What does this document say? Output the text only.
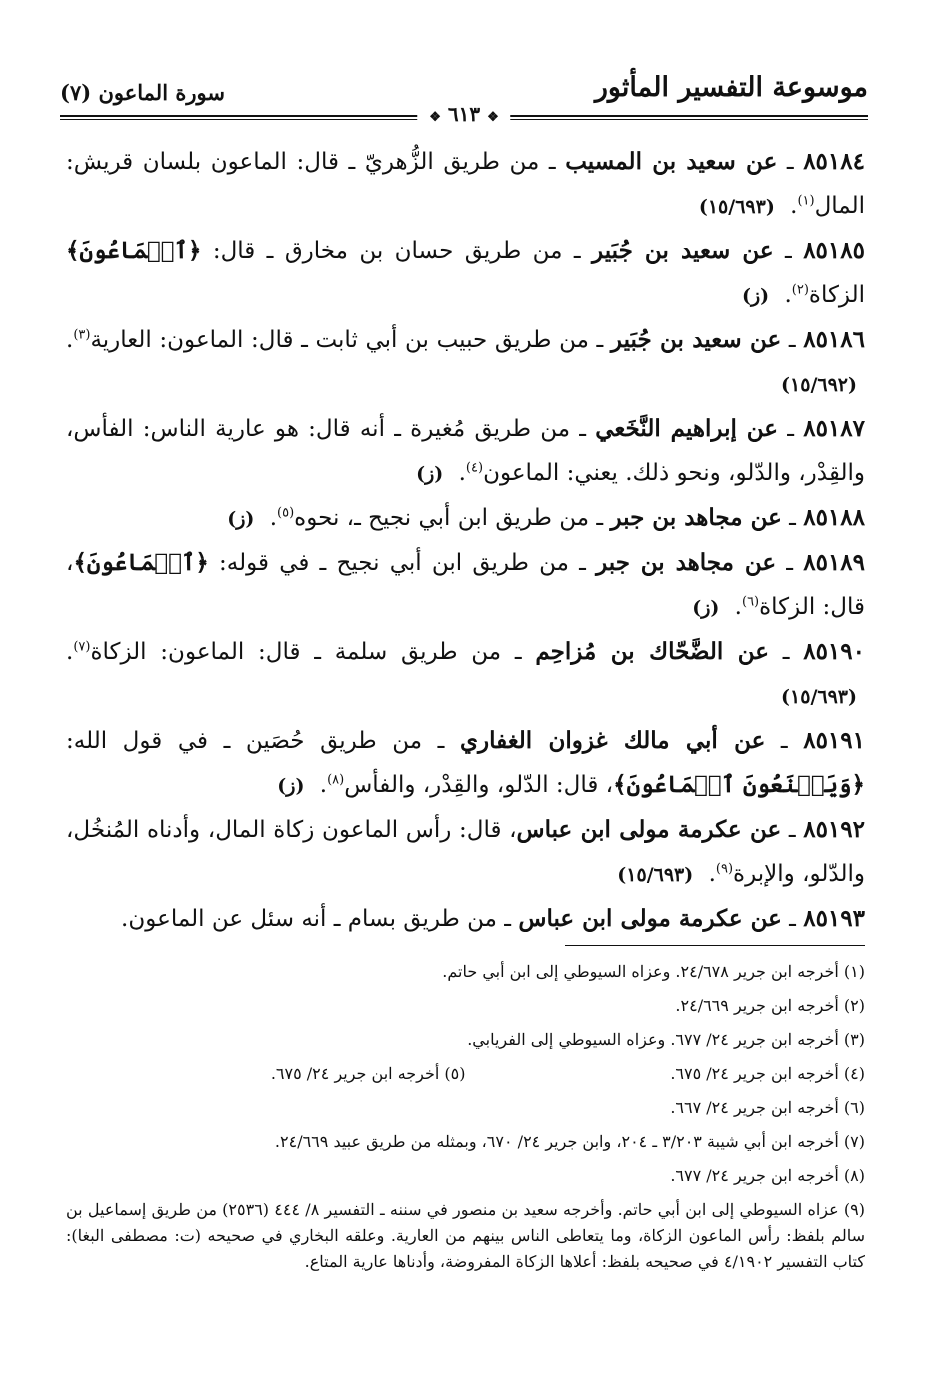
موسوعة التفسير المأثور
سورة الماعون (٧)
❖ ٦١٣ ❖
٨٥١٨٤ ـ عن سعيد بن المسيب ـ من طريق الزُّهريّ ـ قال: الماعون بلسان قريش: المال$^{(١)}$. (١٥/٦٩٣)
٨٥١٨٥ ـ عن سعيد بن جُبَير ـ من طريق حسان بن مخارق ـ قال: ﴿ٱلۡمَاعُونَ﴾ الزكاة$^{(٢)}$. (ز)
٨٥١٨٦ ـ عن سعيد بن جُبَير ـ من طريق حبيب بن أبي ثابت ـ قال: الماعون: العارية$^{(٣)}$. (١٥/٦٩٢)
٨٥١٨٧ ـ عن إبراهيم النَّخَعي ـ من طريق مُغيرة ـ أنه قال: هو عارية الناس: الفأس، والقِدْر، والدّلو، ونحو ذلك. يعني: الماعون$^{(٤)}$. (ز)
٨٥١٨٨ ـ عن مجاهد بن جبر ـ من طريق ابن أبي نجيح ـ، نحوه$^{(٥)}$. (ز)
٨٥١٨٩ ـ عن مجاهد بن جبر ـ من طريق ابن أبي نجيح ـ في قوله: ﴿ٱلۡمَاعُونَ﴾، قال: الزكاة$^{(٦)}$. (ز)
٨٥١٩٠ ـ عن الضَّحّاك بن مُزاحِم ـ من طريق سلمة ـ قال: الماعون: الزكاة$^{(٧)}$. (١٥/٦٩٣)
٨٥١٩١ ـ عن أبي مالك غزوان الغفاري ـ من طريق حُصَين ـ في قول الله: ﴿وَيَمۡنَعُونَ ٱلۡمَاعُونَ﴾، قال: الدّلو، والقِدْر، والفأس$^{(٨)}$. (ز)
٨٥١٩٢ ـ عن عكرمة مولى ابن عباس، قال: رأس الماعون زكاة المال، وأدناه المُنخُل، والدّلو، والإبرة$^{(٩)}$. (١٥/٦٩٣)
٨٥١٩٣ ـ عن عكرمة مولى ابن عباس ـ من طريق بسام ـ أنه سئل عن الماعون.
(١) أخرجه ابن جرير ٢٤/٦٧٨. وعزاه السيوطي إلى ابن أبي حاتم.
(٢) أخرجه ابن جرير ٢٤/٦٦٩.
(٣) أخرجه ابن جرير ٢٤/ ٦٧٧. وعزاه السيوطي إلى الفريابي.
(٤) أخرجه ابن جرير ٢٤/ ٦٧٥.
(٥) أخرجه ابن جرير ٢٤/ ٦٧٥.
(٦) أخرجه ابن جرير ٢٤/ ٦٦٧.
(٧) أخرجه ابن أبي شيبة ٣/٢٠٣ ـ ٢٠٤، وابن جرير ٢٤/ ٦٧٠، وبمثله من طريق عبيد ٢٤/٦٦٩.
(٨) أخرجه ابن جرير ٢٤/ ٦٧٧.
(٩) عزاه السيوطي إلى ابن أبي حاتم. وأخرجه سعيد بن منصور في سننه ـ التفسير ٨/ ٤٤٤ (٢٥٣٦) من طريق إسماعيل بن سالم بلفظ: رأس الماعون الزكاة، وما يتعاطى الناس بينهم من العارية. وعلقه البخاري في صحيحه (ت: مصطفى البغا): كتاب التفسير ٤/١٩٠٢ في صحيحه بلفظ: أعلاها الزكاة المفروضة، وأدناها عارية المتاع.
